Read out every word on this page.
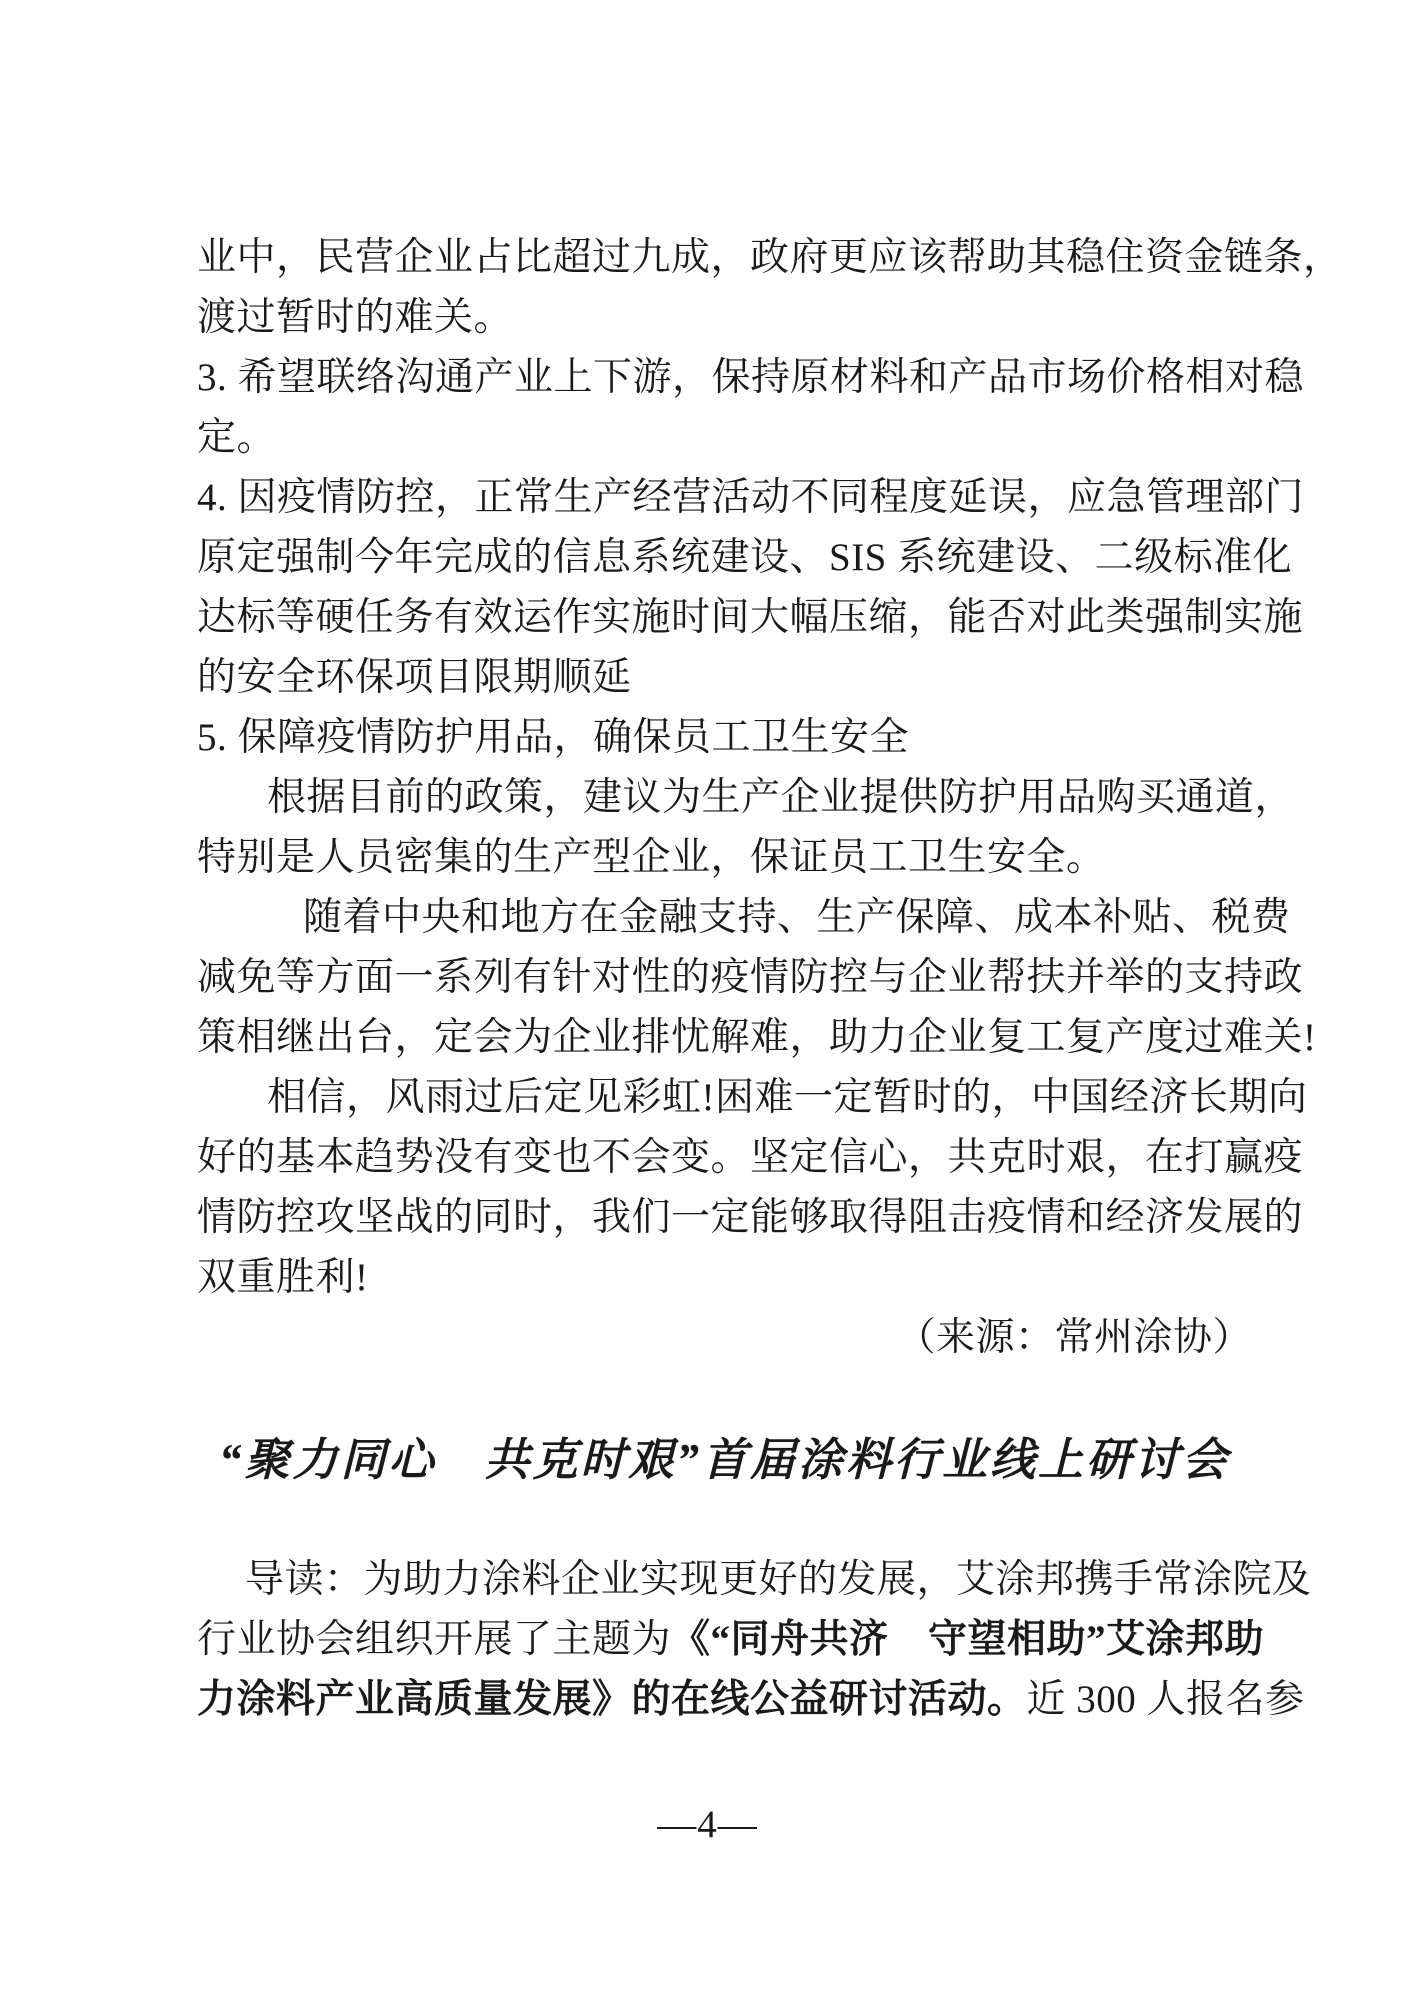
业中，民营企业占比超过九成，政府更应该帮助其稳住资金链条，
渡过暂时的难关。
3. 希望联络沟通产业上下游，保持原材料和产品市场价格相对稳
定。
4. 因疫情防控，正常生产经营活动不同程度延误，应急管理部门
原定强制今年完成的信息系统建设、SIS 系统建设、二级标准化
达标等硬任务有效运作实施时间大幅压缩，能否对此类强制实施
的安全环保项目限期顺延
5. 保障疫情防护用品，确保员工卫生安全
根据目前的政策，建议为生产企业提供防护用品购买通道，
特别是人员密集的生产型企业，保证员工卫生安全。
随着中央和地方在金融支持、生产保障、成本补贴、税费
减免等方面一系列有针对性的疫情防控与企业帮扶并举的支持政
策相继出台，定会为企业排忧解难，助力企业复工复产度过难关!
相信，风雨过后定见彩虹!困难一定暂时的，中国经济长期向
好的基本趋势没有变也不会变。坚定信心，共克时艰，在打赢疫
情防控攻坚战的同时，我们一定能够取得阻击疫情和经济发展的
双重胜利!
（来源：常州涂协）
“聚力同心　共克时艰”首届涂料行业线上研讨会
导读：为助力涂料企业实现更好的发展，艾涂邦携手常涂院及
行业协会组织开展了主题为《“同舟共济　守望相助”艾涂邦助
力涂料产业高质量发展》的在线公益研讨活动。近 300 人报名参
—4—
